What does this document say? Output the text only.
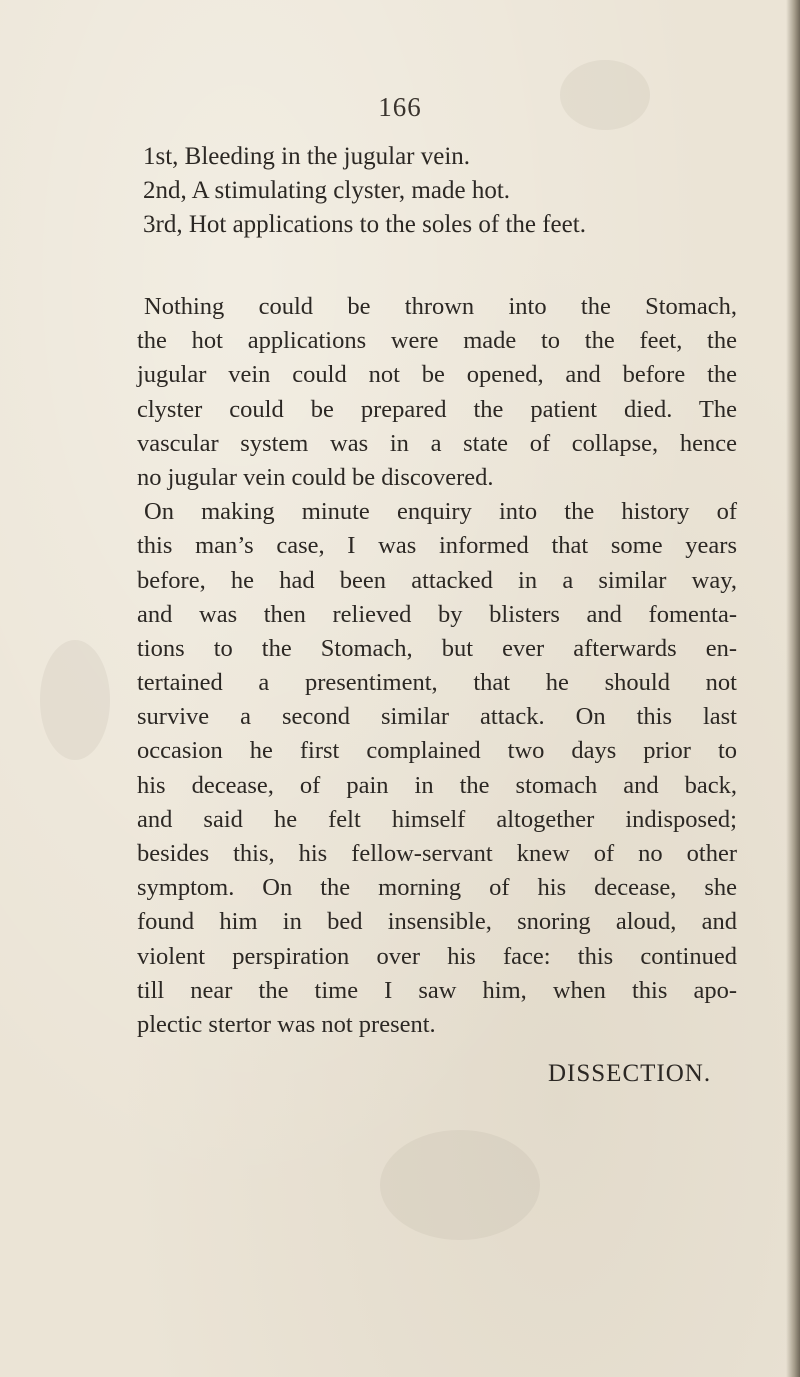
166
1st, Bleeding in the jugular vein.
2nd, A stimulating clyster, made hot.
3rd, Hot applications to the soles of the feet.
Nothing could be thrown into the Stomach,
the hot applications were made to the feet, the
jugular vein could not be opened, and before the
clyster could be prepared the patient died. The
vascular system was in a state of collapse, hence
no jugular vein could be discovered.
On making minute enquiry into the history of
this man’s case, I was informed that some years
before, he had been attacked in a similar way,
and was then relieved by blisters and fomenta-
tions to the Stomach, but ever afterwards en-
tertained a presentiment, that he should not
survive a second similar attack. On this last
occasion he first complained two days prior to
his decease, of pain in the stomach and back,
and said he felt himself altogether indisposed;
besides this, his fellow-servant knew of no other
symptom. On the morning of his decease, she
found him in bed insensible, snoring aloud, and
violent perspiration over his face: this continued
till near the time I saw him, when this apo-
plectic stertor was not present.
DISSECTION.
